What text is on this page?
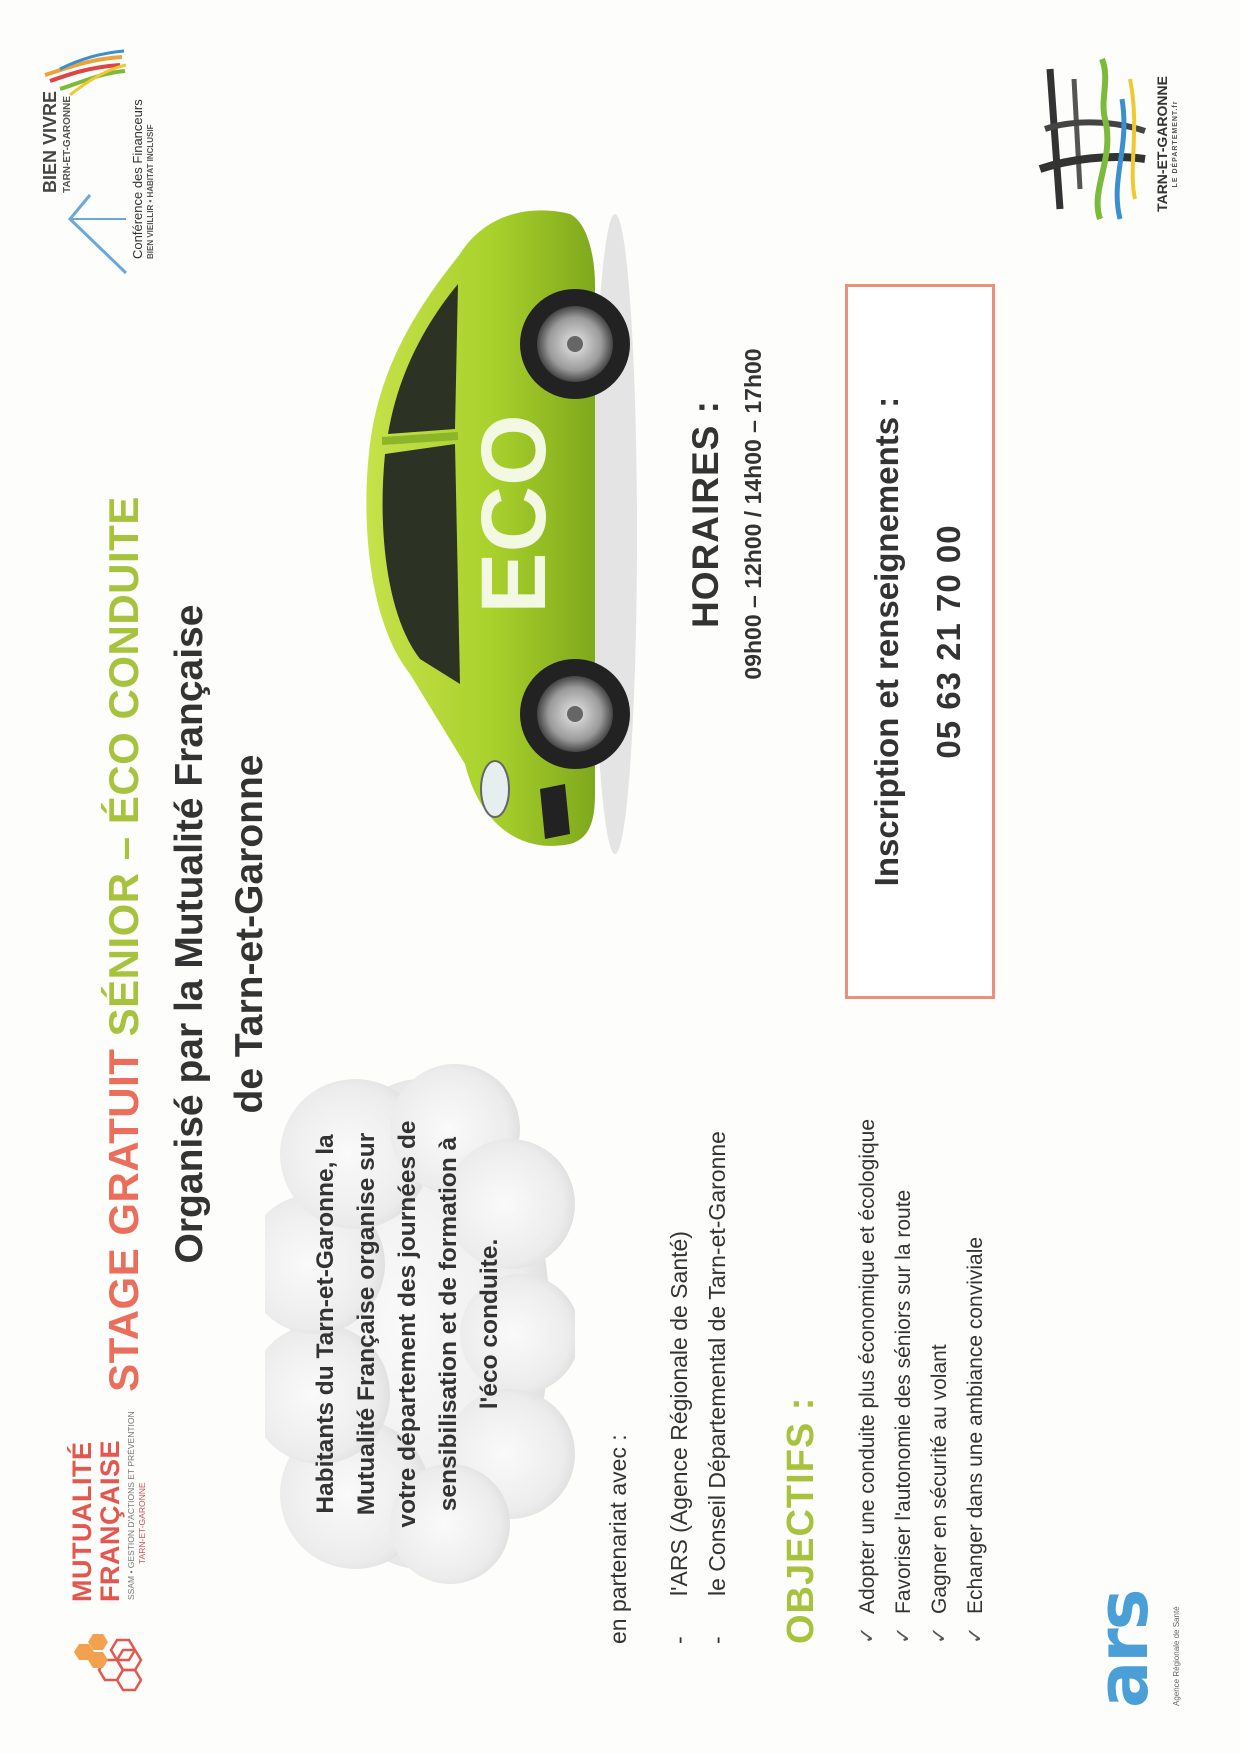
MUTUALITÉ
FRANÇAISE SSAM • GESTION D'ACTIONS ET PRÉVENTION TARN-ET-GARONNE
STAGE GRATUIT SÉNIOR – ÉCO CONDUITE Organisé par la Mutualité Française de Tarn-et-Garonne
BIEN VIVRE TARN-ET-GARONNE	Conférence des Financeurs BIEN VIEILLIR • HABITAT INCLUSIF
Habitants du Tarn-et-Garonne, la Mutualité Française organise sur votre département des journées de sensibilisation et de formation à l'éco conduite.
ECO
en partenariat avec : -l'ARS (Agence Régionale de Santé)
-le Conseil Départemental de Tarn-et-Garonne OBJECTIFS : ✓Adopter une conduite plus économique et écologique
✓Favoriser l'autonomie des séniors sur la route
✓Gagner en sécurité au volant
✓Echanger dans une ambiance conviviale
HORAIRES : 09h00 – 12h00 / 14h00 – 17h00	Inscription et renseignements : 05 63 21 70 00
ars Agence Régionale de Santé
TARN-ET-GARONNE LE DÉPARTEMENT.fr
